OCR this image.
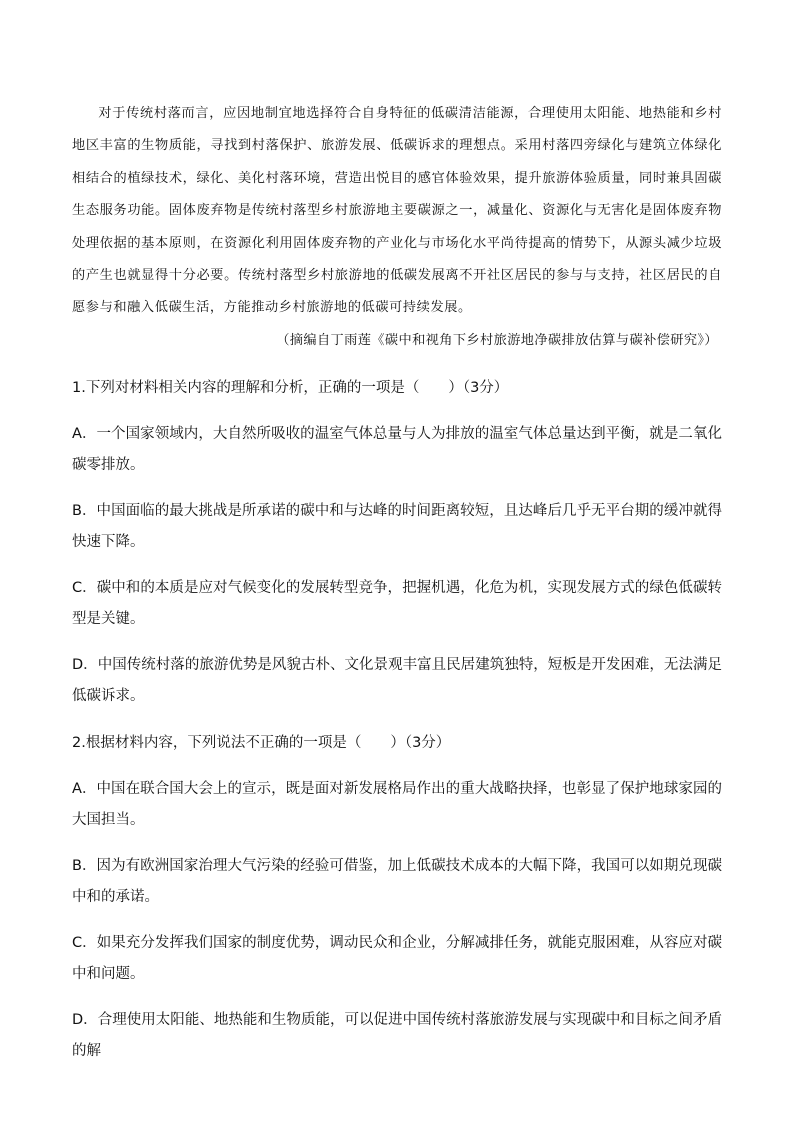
对于传统村落而言，应因地制宜地选择符合自身特征的低碳清洁能源，合理使用太阳能、地热能和乡村地区丰富的生物质能，寻找到村落保护、旅游发展、低碳诉求的理想点。采用村落四旁绿化与建筑立体绿化相结合的植绿技术，绿化、美化村落环境，营造出悦目的感官体验效果，提升旅游体验质量，同时兼具固碳生态服务功能。固体废弃物是传统村落型乡村旅游地主要碳源之一，减量化、资源化与无害化是固体废弃物处理依据的基本原则，在资源化利用固体废弃物的产业化与市场化水平尚待提高的情势下，从源头减少垃圾的产生也就显得十分必要。传统村落型乡村旅游地的低碳发展离不开社区居民的参与与支持，社区居民的自愿参与和融入低碳生活，方能推动乡村旅游地的低碳可持续发展。

（摘编自丁雨莲《碳中和视角下乡村旅游地净碳排放估算与碳补偿研究》）

1.下列对材料相关内容的理解和分析，正确的一项是（　　）（3分）

A．一个国家领域内，大自然所吸收的温室气体总量与人为排放的温室气体总量达到平衡，就是二氧化碳零排放。

B．中国面临的最大挑战是所承诺的碳中和与达峰的时间距离较短，且达峰后几乎无平台期的缓冲就得快速下降。

C．碳中和的本质是应对气候变化的发展转型竞争，把握机遇，化危为机，实现发展方式的绿色低碳转型是关键。

D．中国传统村落的旅游优势是风貌古朴、文化景观丰富且民居建筑独特，短板是开发困难，无法满足低碳诉求。

2.根据材料内容，下列说法不正确的一项是（　　）（3分）

A．中国在联合国大会上的宣示，既是面对新发展格局作出的重大战略抉择，也彰显了保护地球家园的大国担当。

B．因为有欧洲国家治理大气污染的经验可借鉴，加上低碳技术成本的大幅下降，我国可以如期兑现碳中和的承诺。

C．如果充分发挥我们国家的制度优势，调动民众和企业，分解减排任务，就能克服困难，从容应对碳中和问题。

D．合理使用太阳能、地热能和生物质能，可以促进中国传统村落旅游发展与实现碳中和目标之间矛盾的解
